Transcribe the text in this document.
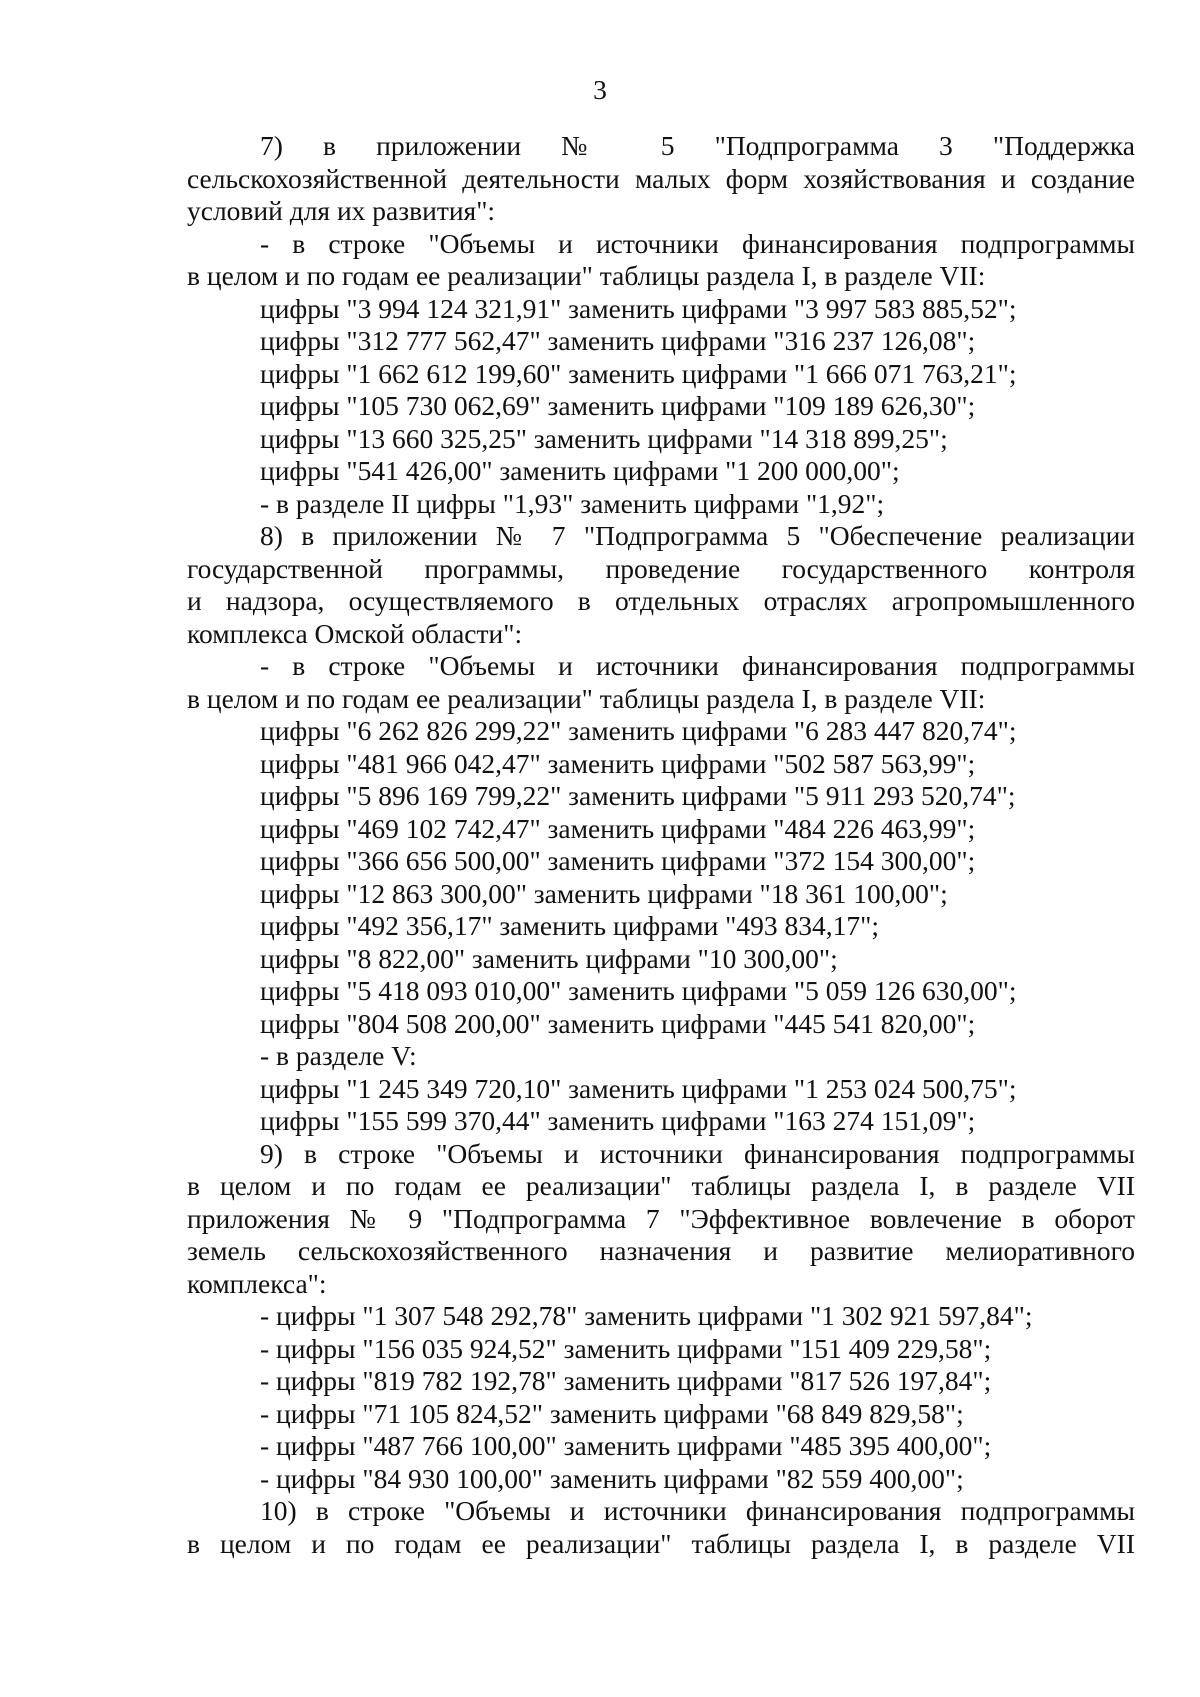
3
7) в приложении № 5 "Подпрограмма 3 "Поддержка
сельскохозяйственной деятельности малых форм хозяйствования и создание
условий для их развития":
- в строке "Объемы и источники финансирования подпрограммы
в целом и по годам ее реализации" таблицы раздела I, в разделе VII:
цифры "3 994 124 321,91" заменить цифрами "3 997 583 885,52";
цифры "312 777 562,47" заменить цифрами "316 237 126,08";
цифры "1 662 612 199,60" заменить цифрами "1 666 071 763,21";
цифры "105 730 062,69" заменить цифрами "109 189 626,30";
цифры "13 660 325,25" заменить цифрами "14 318 899,25";
цифры "541 426,00" заменить цифрами "1 200 000,00";
- в разделе II цифры "1,93" заменить цифрами "1,92";
8) в приложении № 7 "Подпрограмма 5 "Обеспечение реализации
государственной программы, проведение государственного контроля
и надзора, осуществляемого в отдельных отраслях агропромышленного
комплекса Омской области":
- в строке "Объемы и источники финансирования подпрограммы
в целом и по годам ее реализации" таблицы раздела I, в разделе VII:
цифры "6 262 826 299,22" заменить цифрами "6 283 447 820,74";
цифры "481 966 042,47" заменить цифрами "502 587 563,99";
цифры "5 896 169 799,22" заменить цифрами "5 911 293 520,74";
цифры "469 102 742,47" заменить цифрами "484 226 463,99";
цифры "366 656 500,00" заменить цифрами "372 154 300,00";
цифры "12 863 300,00" заменить цифрами "18 361 100,00";
цифры "492 356,17" заменить цифрами "493 834,17";
цифры "8 822,00" заменить цифрами "10 300,00";
цифры "5 418 093 010,00" заменить цифрами "5 059 126 630,00";
цифры "804 508 200,00" заменить цифрами "445 541 820,00";
- в разделе V:
цифры "1 245 349 720,10" заменить цифрами "1 253 024 500,75";
цифры "155 599 370,44" заменить цифрами "163 274 151,09";
9) в строке "Объемы и источники финансирования подпрограммы
в целом и по годам ее реализации" таблицы раздела I, в разделе VII
приложения № 9 "Подпрограмма 7 "Эффективное вовлечение в оборот
земель сельскохозяйственного назначения и развитие мелиоративного
комплекса":
- цифры "1 307 548 292,78" заменить цифрами "1 302 921 597,84";
- цифры "156 035 924,52" заменить цифрами "151 409 229,58";
- цифры "819 782 192,78" заменить цифрами "817 526 197,84";
- цифры "71 105 824,52" заменить цифрами "68 849 829,58";
- цифры "487 766 100,00" заменить цифрами "485 395 400,00";
- цифры "84 930 100,00" заменить цифрами "82 559 400,00";
10) в строке "Объемы и источники финансирования подпрограммы
в целом и по годам ее реализации" таблицы раздела I, в разделе VII
